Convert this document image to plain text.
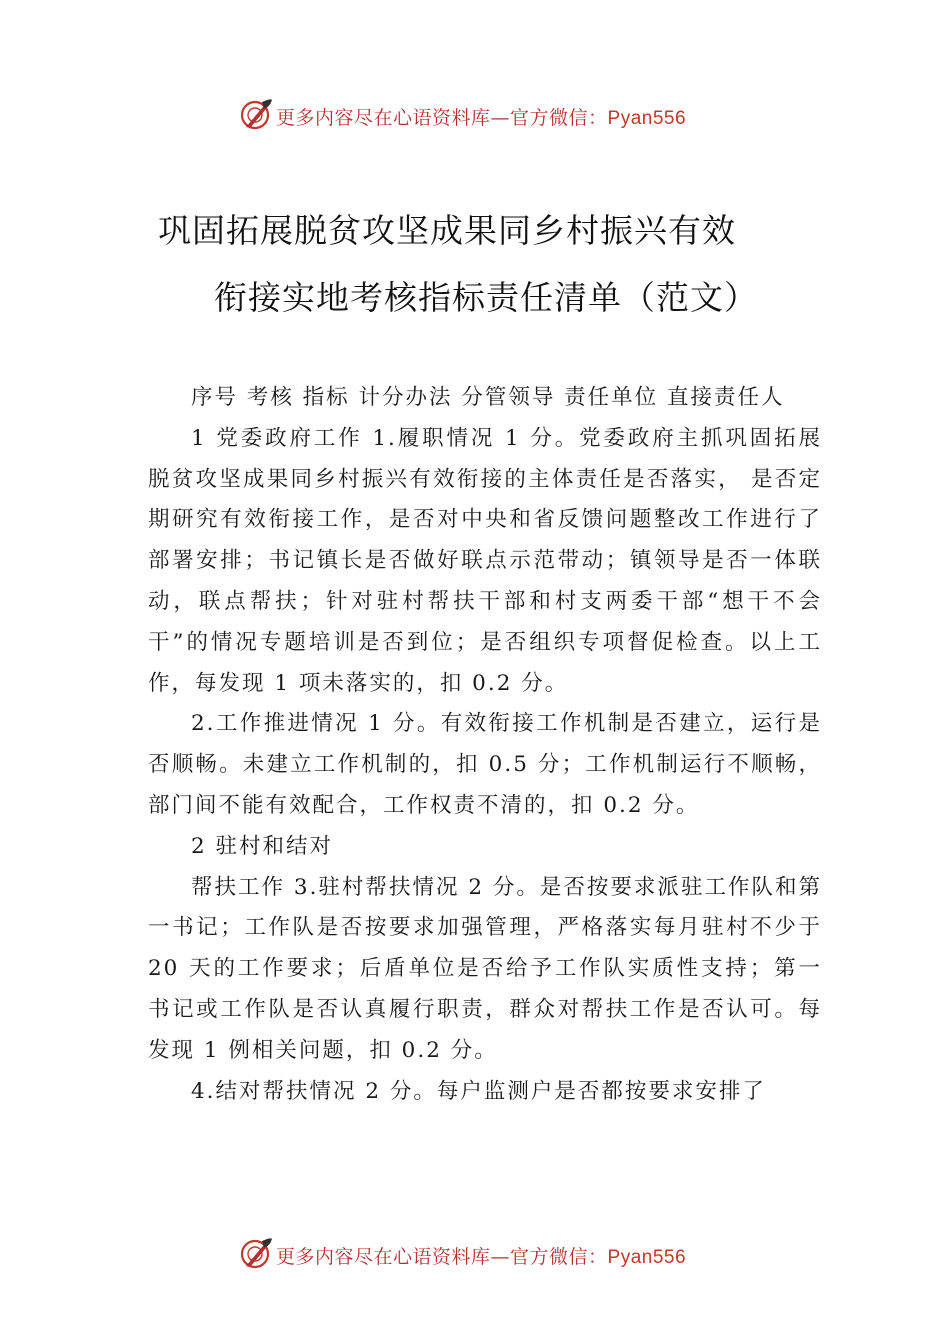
更多内容尽在心语资料库—官方微信：Pyan556
巩固拓展脱贫攻坚成果同乡村振兴有效
衔接实地考核指标责任清单（范文）

序号 考核 指标 计分办法 分管领导 责任单位 直接责任人

1 党委政府工作 1.履职情况 1 分。党委政府主抓巩固拓展脱贫攻坚成果同乡村振兴有效衔接的主体责任是否落实， 是否定期研究有效衔接工作，是否对中央和省反馈问题整改工作进行了部署安排；书记镇长是否做好联点示范带动；镇领导是否一体联动，联点帮扶；针对驻村帮扶干部和村支两委干部“想干不会干”的情况专题培训是否到位；是否组织专项督促检查。以上工作，每发现 1 项未落实的，扣 0.2 分。

2.工作推进情况 1 分。有效衔接工作机制是否建立，运行是否顺畅。未建立工作机制的，扣 0.5 分；工作机制运行不顺畅，部门间不能有效配合，工作权责不清的，扣 0.2 分。

2 驻村和结对

帮扶工作 3.驻村帮扶情况 2 分。是否按要求派驻工作队和第一书记；工作队是否按要求加强管理，严格落实每月驻村不少于 20 天的工作要求；后盾单位是否给予工作队实质性支持；第一书记或工作队是否认真履行职责，群众对帮扶工作是否认可。每发现 1 例相关问题，扣 0.2 分。

4.结对帮扶情况 2 分。每户监测户是否都按要求安排了

更多内容尽在心语资料库—官方微信：Pyan556
